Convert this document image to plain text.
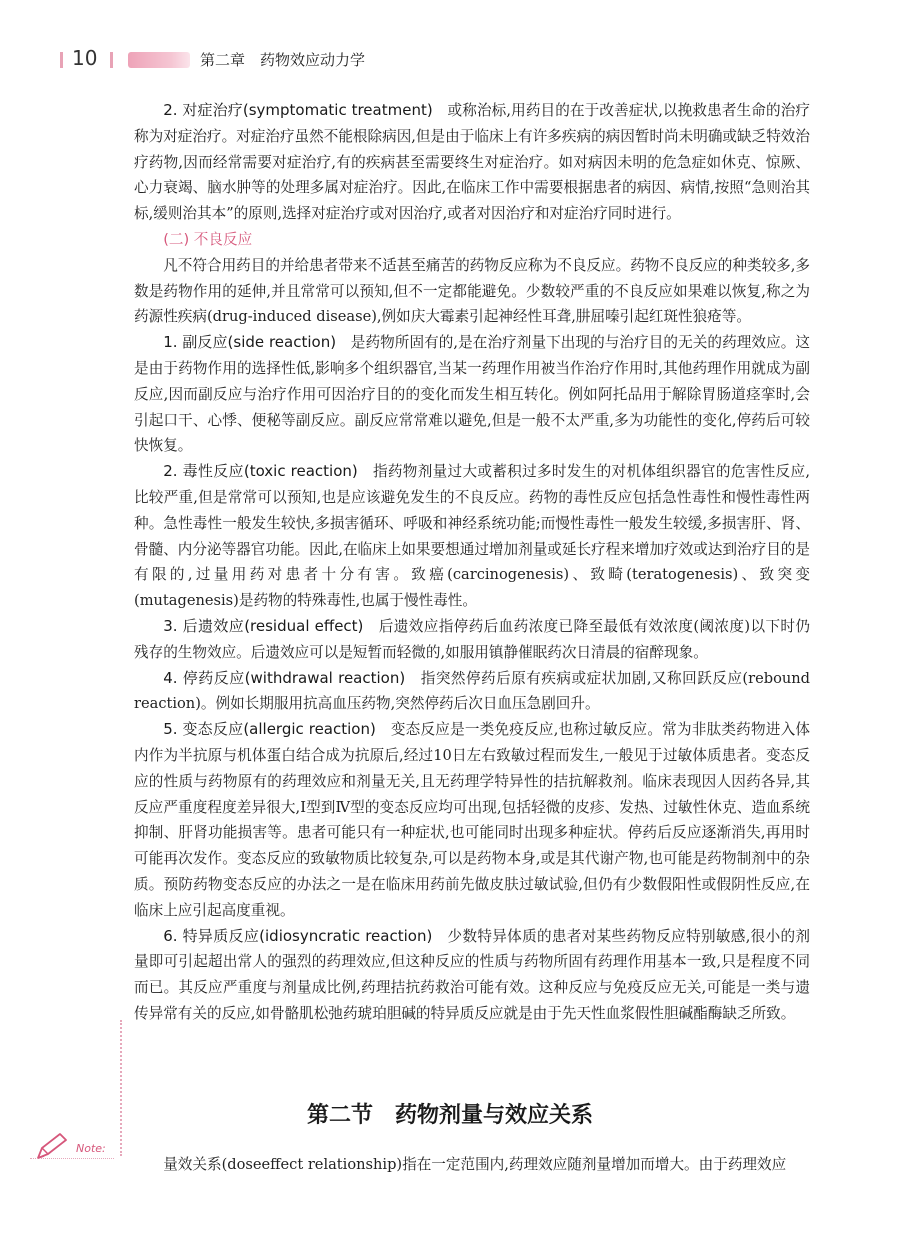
10	第二章　药物效应动力学

2. 对症治疗(symptomatic treatment)　或称治标,用药目的在于改善症状,以挽救患者生命的治疗称为对症治疗。对症治疗虽然不能根除病因,但是由于临床上有许多疾病的病因暂时尚未明确或缺乏特效治疗药物,因而经常需要对症治疗,有的疾病甚至需要终生对症治疗。如对病因未明的危急症如休克、惊厥、心力衰竭、脑水肿等的处理多属对症治疗。因此,在临床工作中需要根据患者的病因、病情,按照“急则治其标,缓则治其本”的原则,选择对症治疗或对因治疗,或者对因治疗和对症治疗同时进行。

(二) 不良反应

凡不符合用药目的并给患者带来不适甚至痛苦的药物反应称为不良反应。药物不良反应的种类较多,多数是药物作用的延伸,并且常常可以预知,但不一定都能避免。少数较严重的不良反应如果难以恢复,称之为药源性疾病(drug-induced disease),例如庆大霉素引起神经性耳聋,肼屈嗪引起红斑性狼疮等。

1. 副反应(side reaction)　是药物所固有的,是在治疗剂量下出现的与治疗目的无关的药理效应。这是由于药物作用的选择性低,影响多个组织器官,当某一药理作用被当作治疗作用时,其他药理作用就成为副反应,因而副反应与治疗作用可因治疗目的的变化而发生相互转化。例如阿托品用于解除胃肠道痉挛时,会引起口干、心悸、便秘等副反应。副反应常常难以避免,但是一般不太严重,多为功能性的变化,停药后可较快恢复。

2. 毒性反应(toxic reaction)　指药物剂量过大或蓄积过多时发生的对机体组织器官的危害性反应,比较严重,但是常常可以预知,也是应该避免发生的不良反应。药物的毒性反应包括急性毒性和慢性毒性两种。急性毒性一般发生较快,多损害循环、呼吸和神经系统功能;而慢性毒性一般发生较缓,多损害肝、肾、骨髓、内分泌等器官功能。因此,在临床上如果要想通过增加剂量或延长疗程来增加疗效或达到治疗目的是有限的,过量用药对患者十分有害。致癌(carcinogenesis)、致畸(teratogenesis)、致突变(mutagenesis)是药物的特殊毒性,也属于慢性毒性。

3. 后遗效应(residual effect)　后遗效应指停药后血药浓度已降至最低有效浓度(阈浓度)以下时仍残存的生物效应。后遗效应可以是短暂而轻微的,如服用镇静催眠药次日清晨的宿醉现象。

4. 停药反应(withdrawal reaction)　指突然停药后原有疾病或症状加剧,又称回跃反应(rebound reaction)。例如长期服用抗高血压药物,突然停药后次日血压急剧回升。

5. 变态反应(allergic reaction)　变态反应是一类免疫反应,也称过敏反应。常为非肽类药物进入体内作为半抗原与机体蛋白结合成为抗原后,经过10日左右致敏过程而发生,一般见于过敏体质患者。变态反应的性质与药物原有的药理效应和剂量无关,且无药理学特异性的拮抗解救剂。临床表现因人因药各异,其反应严重度程度差异很大,Ⅰ型到Ⅳ型的变态反应均可出现,包括轻微的皮疹、发热、过敏性休克、造血系统抑制、肝肾功能损害等。患者可能只有一种症状,也可能同时出现多种症状。停药后反应逐渐消失,再用时可能再次发作。变态反应的致敏物质比较复杂,可以是药物本身,或是其代谢产物,也可能是药物制剂中的杂质。预防药物变态反应的办法之一是在临床用药前先做皮肤过敏试验,但仍有少数假阳性或假阴性反应,在临床上应引起高度重视。

6. 特异质反应(idiosyncratic reaction)　少数特异体质的患者对某些药物反应特别敏感,很小的剂量即可引起超出常人的强烈的药理效应,但这种反应的性质与药物所固有药理作用基本一致,只是程度不同而已。其反应严重度与剂量成比例,药理拮抗药救治可能有效。这种反应与免疫反应无关,可能是一类与遗传异常有关的反应,如骨骼肌松弛药琥珀胆碱的特异质反应就是由于先天性血浆假性胆碱酯酶缺乏所致。

第二节　药物剂量与效应关系

量效关系(doseeffect relationship)指在一定范围内,药理效应随剂量增加而增大。由于药理效应

Note:
